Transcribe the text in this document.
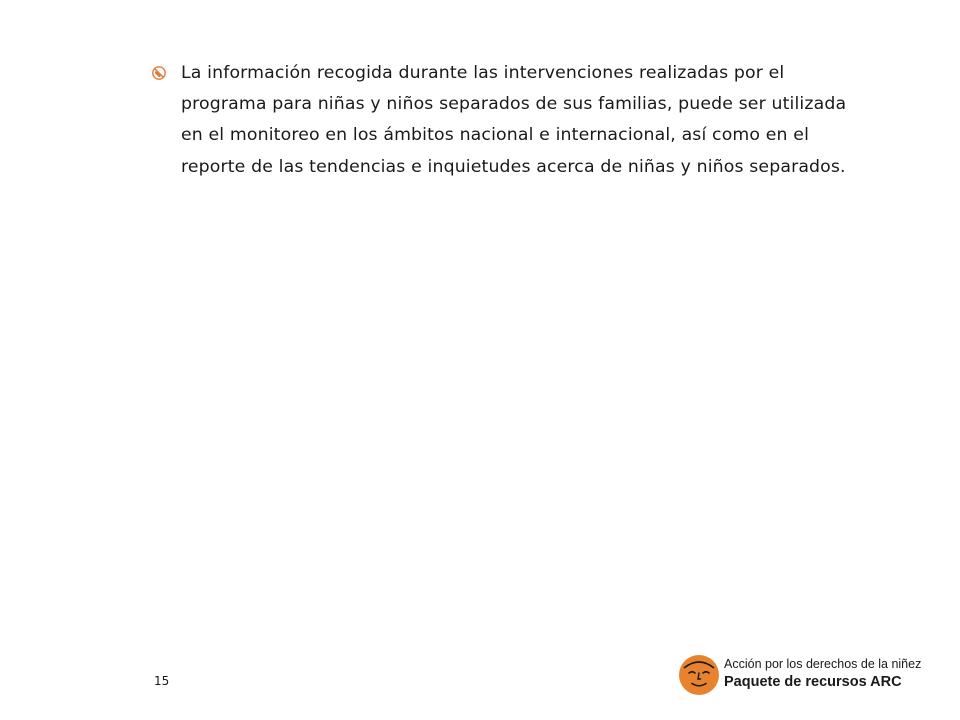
La información recogida durante las intervenciones realizadas por el
programa para niñas y niños separados de sus familias, puede ser utilizada
en el monitoreo en los ámbitos nacional e internacional, así como en el
reporte de las tendencias e inquietudes acerca de niñas y niños separados.
15
Acción por los derechos de la niñez
Paquete de recursos ARC
